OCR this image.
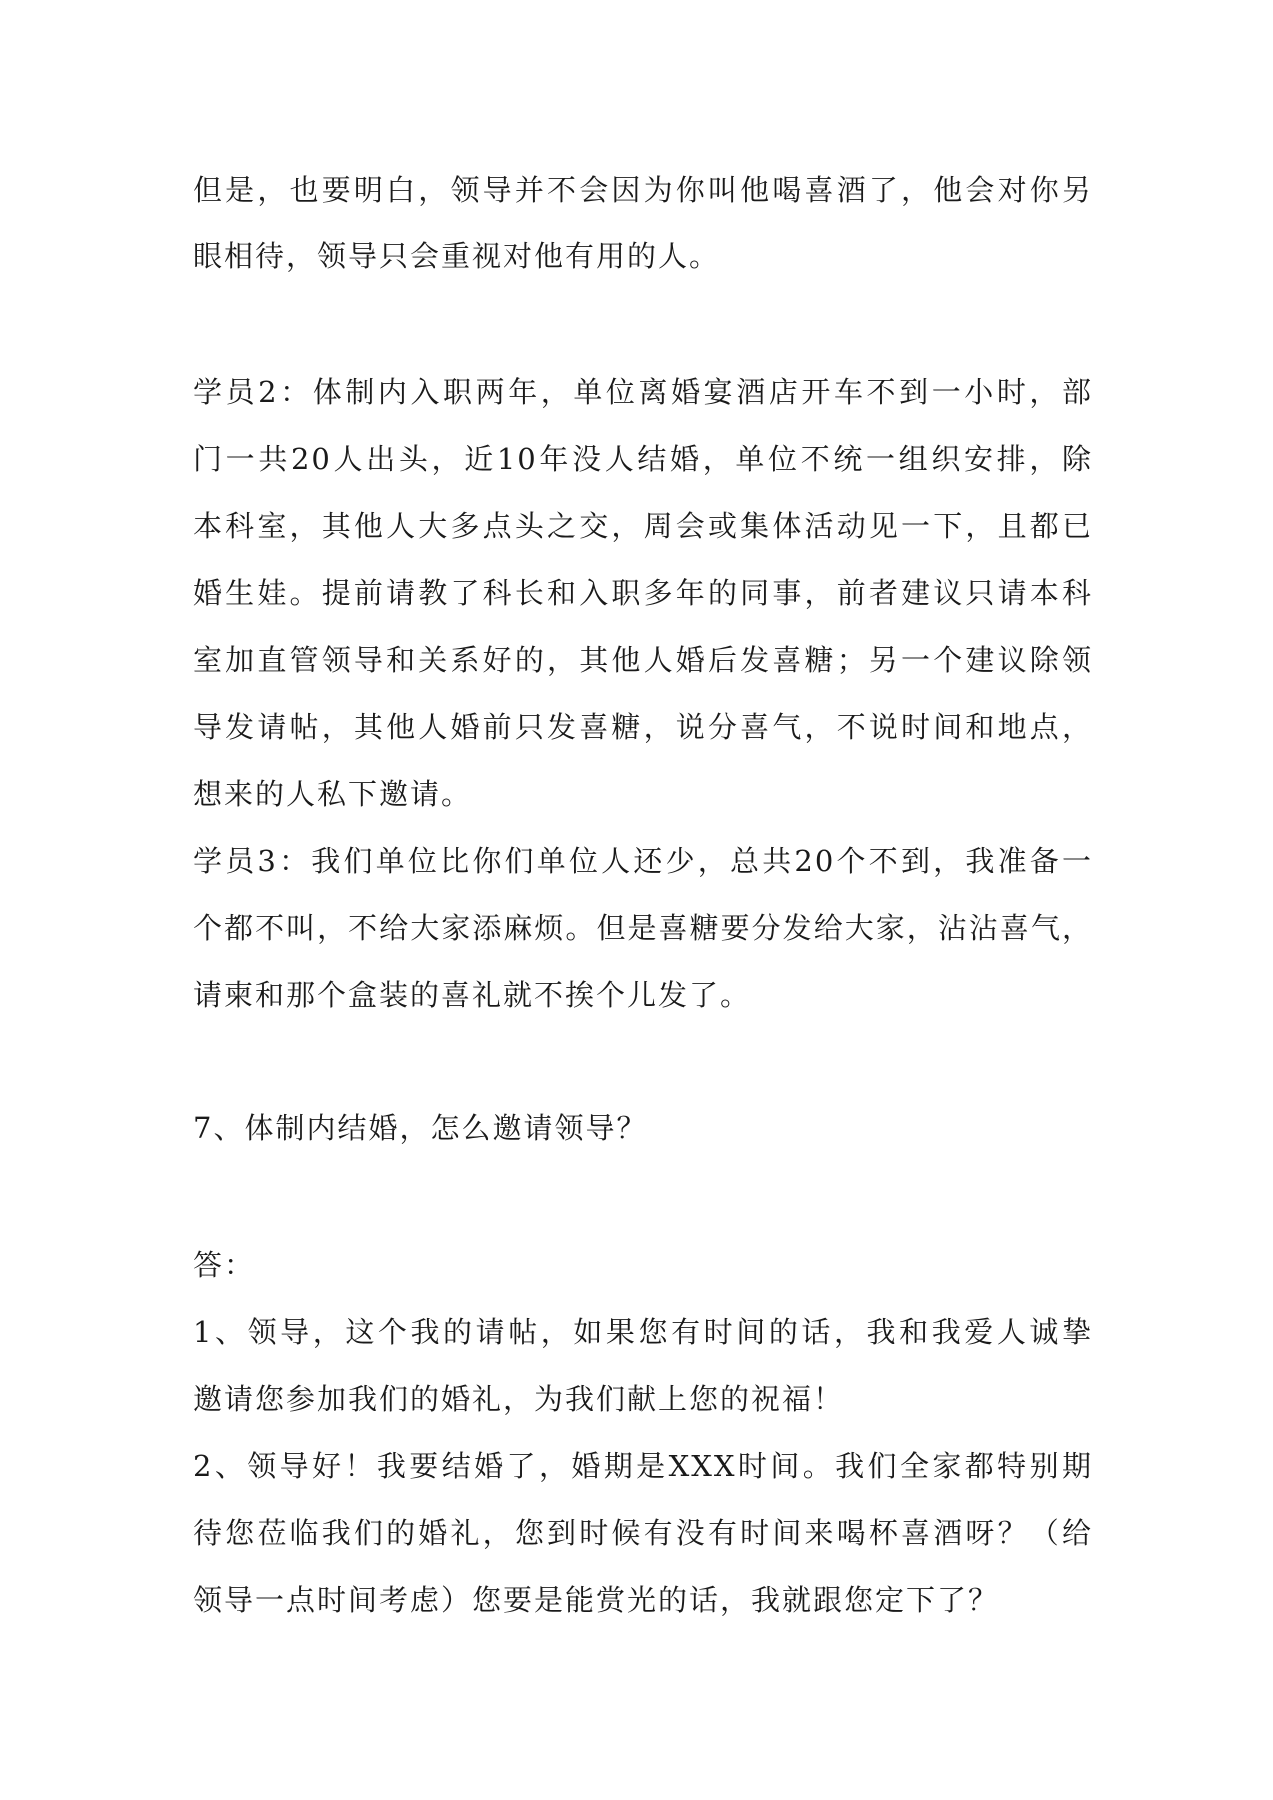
但是，也要明白，领导并不会因为你叫他喝喜酒了，他会对你另
眼相待，领导只会重视对他有用的人。
学员2：体制内入职两年，单位离婚宴酒店开车不到一小时，部
门一共20人出头，近10年没人结婚，单位不统一组织安排，除
本科室，其他人大多点头之交，周会或集体活动见一下，且都已
婚生娃。提前请教了科长和入职多年的同事，前者建议只请本科
室加直管领导和关系好的，其他人婚后发喜糖；另一个建议除领
导发请帖，其他人婚前只发喜糖，说分喜气，不说时间和地点，
想来的人私下邀请。
学员3：我们单位比你们单位人还少，总共20个不到，我准备一
个都不叫，不给大家添麻烦。但是喜糖要分发给大家，沾沾喜气，
请柬和那个盒装的喜礼就不挨个儿发了。
7、体制内结婚，怎么邀请领导？
答：
1、领导，这个我的请帖，如果您有时间的话，我和我爱人诚挚
邀请您参加我们的婚礼，为我们献上您的祝福！
2、领导好！我要结婚了，婚期是XXX时间。我们全家都特别期
待您莅临我们的婚礼，您到时候有没有时间来喝杯喜酒呀？（给
领导一点时间考虑）您要是能赏光的话，我就跟您定下了？
